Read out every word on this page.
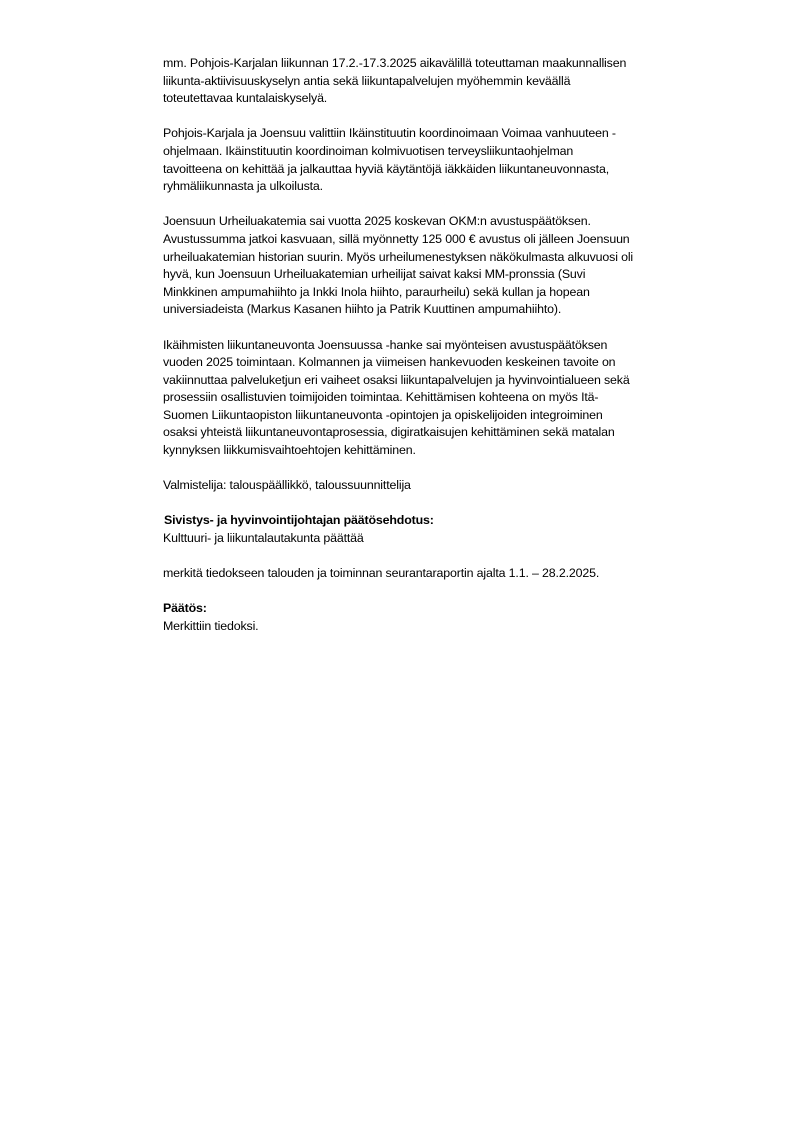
mm. Pohjois-Karjalan liikunnan 17.2.-17.3.2025 aikavälillä toteuttaman maakunnallisen
liikunta-aktiivisuuskyselyn antia sekä liikuntapalvelujen myöhemmin keväällä
toteutettavaa kuntalaiskyselyä.
Pohjois-Karjala ja Joensuu valittiin Ikäinstituutin koordinoimaan Voimaa vanhuuteen -
ohjelmaan. Ikäinstituutin koordinoiman kolmivuotisen terveysliikuntaohjelman
tavoitteena on kehittää ja jalkauttaa hyviä käytäntöjä iäkkäiden liikuntaneuvonnasta,
ryhmäliikunnasta ja ulkoilusta.
Joensuun Urheiluakatemia sai vuotta 2025 koskevan OKM:n avustuspäätöksen.
Avustussumma jatkoi kasvuaan, sillä myönnetty 125 000 € avustus oli jälleen Joensuun
urheiluakatemian historian suurin. Myös urheilumenestyksen näkökulmasta alkuvuosi oli
hyvä, kun Joensuun Urheiluakatemian urheilijat saivat kaksi MM-pronssia (Suvi
Minkkinen ampumahiihto ja Inkki Inola hiihto, paraurheilu) sekä kullan ja hopean
universiadeista (Markus Kasanen hiihto ja Patrik Kuuttinen ampumahiihto).
Ikäihmisten liikuntaneuvonta Joensuussa -hanke sai myönteisen avustuspäätöksen
vuoden 2025 toimintaan. Kolmannen ja viimeisen hankevuoden keskeinen tavoite on
vakiinnuttaa palveluketjun eri vaiheet osaksi liikuntapalvelujen ja hyvinvointialueen sekä
prosessiin osallistuvien toimijoiden toimintaa. Kehittämisen kohteena on myös Itä-
Suomen Liikuntaopiston liikuntaneuvonta -opintojen ja opiskelijoiden integroiminen
osaksi yhteistä liikuntaneuvontaprosessia, digiratkaisujen kehittäminen sekä matalan
kynnyksen liikkumisvaihtoehtojen kehittäminen.
Valmistelija: talouspäällikkö, taloussuunnittelija
Sivistys- ja hyvinvointijohtajan päätösehdotus:
Kulttuuri- ja liikuntalautakunta päättää
merkitä tiedokseen talouden ja toiminnan seurantaraportin ajalta 1.1. – 28.2.2025.
Päätös:
Merkittiin tiedoksi.
